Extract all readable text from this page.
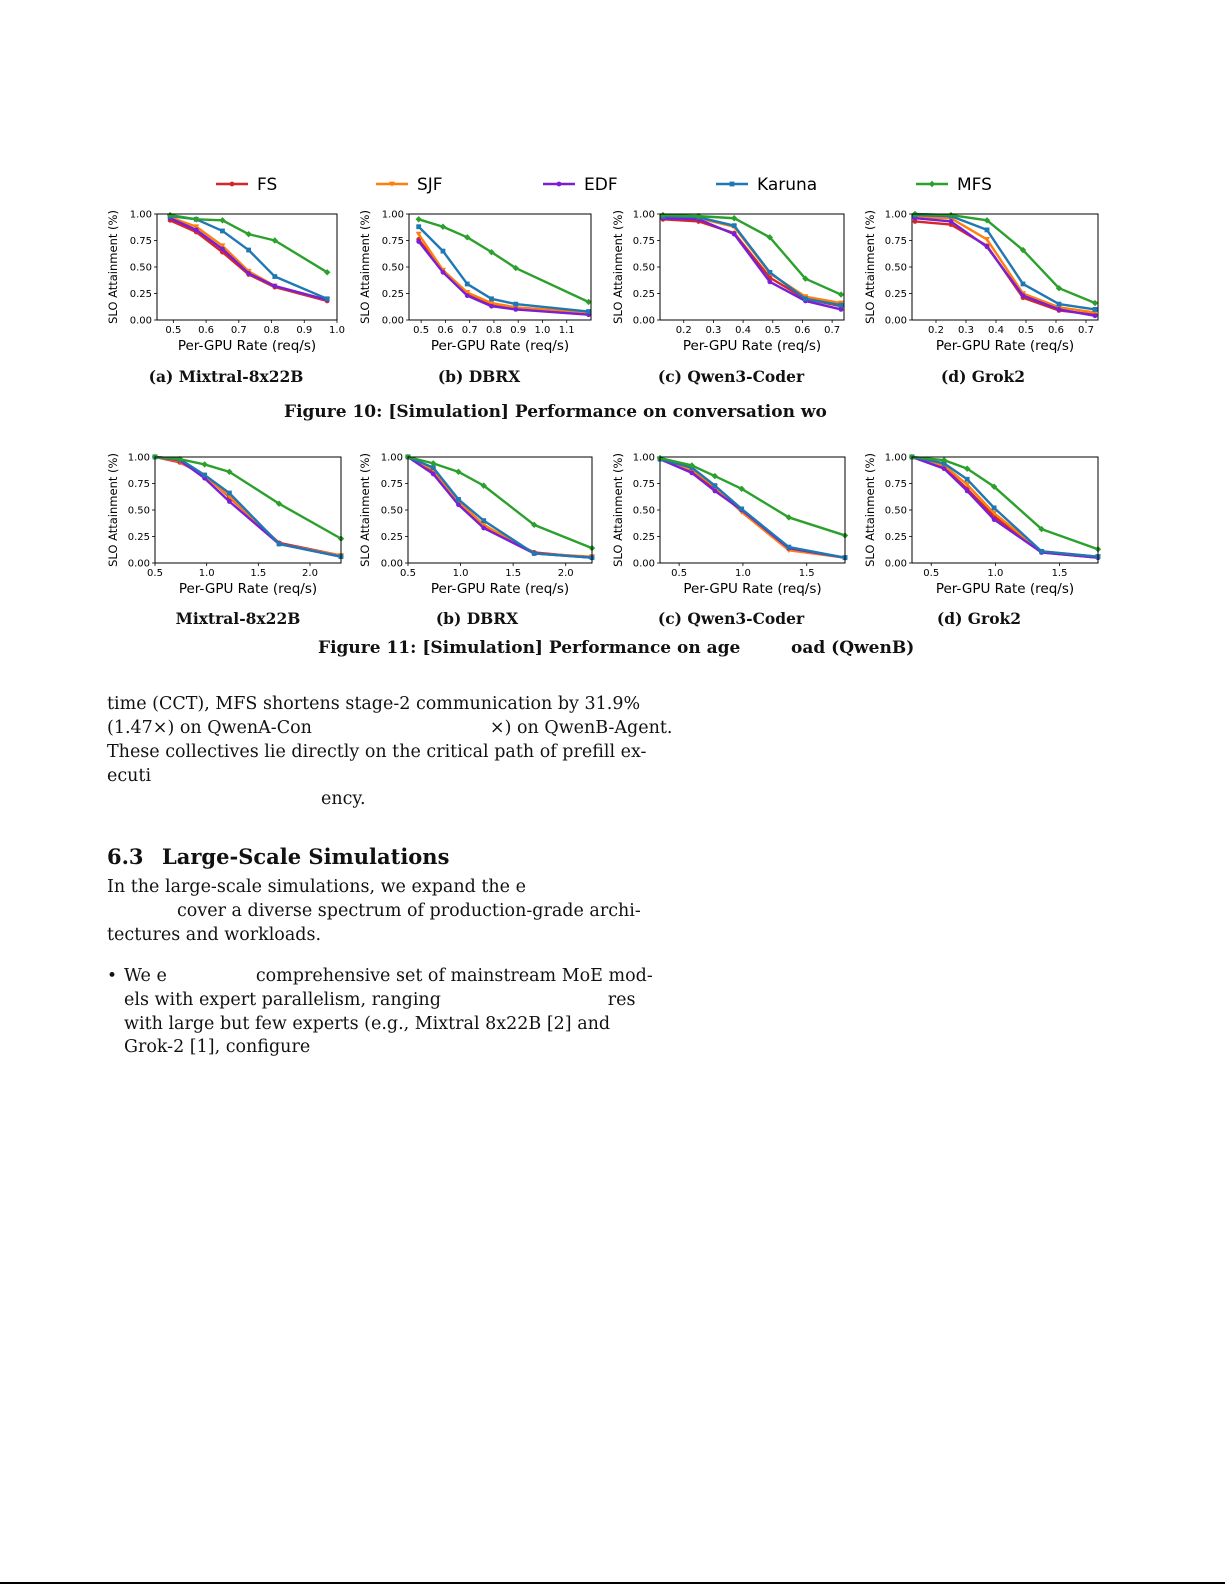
FS	SJF	EDF	Karuna	MFS
0.00
0.25
0.50
0.75
1.00
0.5 0.6 0.7 0.8 0.9 1.0
Per-GPU Rate (req/s)
SLO Attainment (%)	0.00
0.25
0.50
0.75
1.00
0.5 0.6 0.7 0.8 0.9 1.0 1.1
Per-GPU Rate (req/s)
SLO Attainment (%)	0.00
0.25
0.50
0.75
1.00
0.2 0.3 0.4 0.5 0.6 0.7
Per-GPU Rate (req/s)
SLO Attainment (%)	0.00
0.25
0.50
0.75
1.00
0.2 0.3 0.4 0.5 0.6 0.7
Per-GPU Rate (req/s)
SLO Attainment (%)
(a) Mixtral-8x22B	(b) DBRX	(c) Qwen3-Coder	(d) Grok2
Figure 10: [Simulation] Performance on conversation wo
0.00
0.25
0.50
0.75
1.00
0.5	1.0	1.5	2.0
Per-GPU Rate (req/s)
SLO Attainment (%)	0.00
0.25
0.50
0.75
1.00
0.5	1.0	1.5	2.0
Per-GPU Rate (req/s)
SLO Attainment (%)	0.00
0.25
0.50
0.75
1.00
0.5	1.0	1.5
Per-GPU Rate (req/s)
SLO Attainment (%)	0.00
0.25
0.50
0.75
1.00
0.5	1.0	1.5
Per-GPU Rate (req/s)
SLO Attainment (%)
Mixtral-8x22B	(b) DBRX	(c) Qwen3-Coder	(d) Grok2
Figure 11: [Simulation] Performance on age	oad (QwenB)
time (CCT), MFS shortens stage-2 communication by 31.9%
(1.47×) on QwenA-Con                                ×) on QwenB-Agent.
These collectives lie directly on the critical path of prefill ex-
ecuti
ency.
6.3 Large-Scale Simulations
In the large-scale simulations, we expand the e
cover a diverse spectrum of production-grade archi-
tectures and workloads.
• We e                comprehensive set of mainstream MoE mod-
els with expert parallelism, ranging                              res
with large but few experts (e.g., Mixtral 8x22B [2] and
Grok-2 [1], configure
